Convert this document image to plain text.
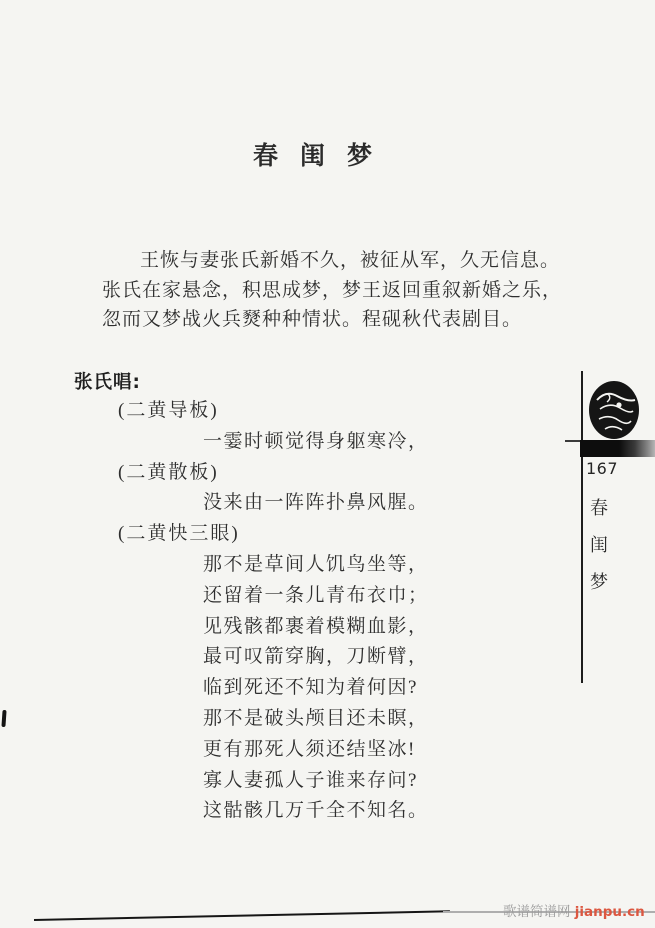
春闺梦
王恢与妻张氏新婚不久，被征从军，久无信息。
张氏在家悬念，积思成梦，梦王返回重叙新婚之乐，
忽而又梦战火兵燹种种情状。程砚秋代表剧目。
张氏唱:
(二黄导板)
一霎时顿觉得身躯寒冷，
(二黄散板)
没来由一阵阵扑鼻风腥。
(二黄快三眼)
那不是草间人饥鸟坐等，
还留着一条儿青布衣巾；
见残骸都裹着模糊血影，
最可叹箭穿胸，刀断臂，
临到死还不知为着何因?
那不是破头颅目还未瞑，
更有那死人须还结坚冰!
寡人妻孤人子谁来存问?
这骷骸几万千全不知名。
167
春
闺
梦
歌谱简谱网 jianpu.cn
